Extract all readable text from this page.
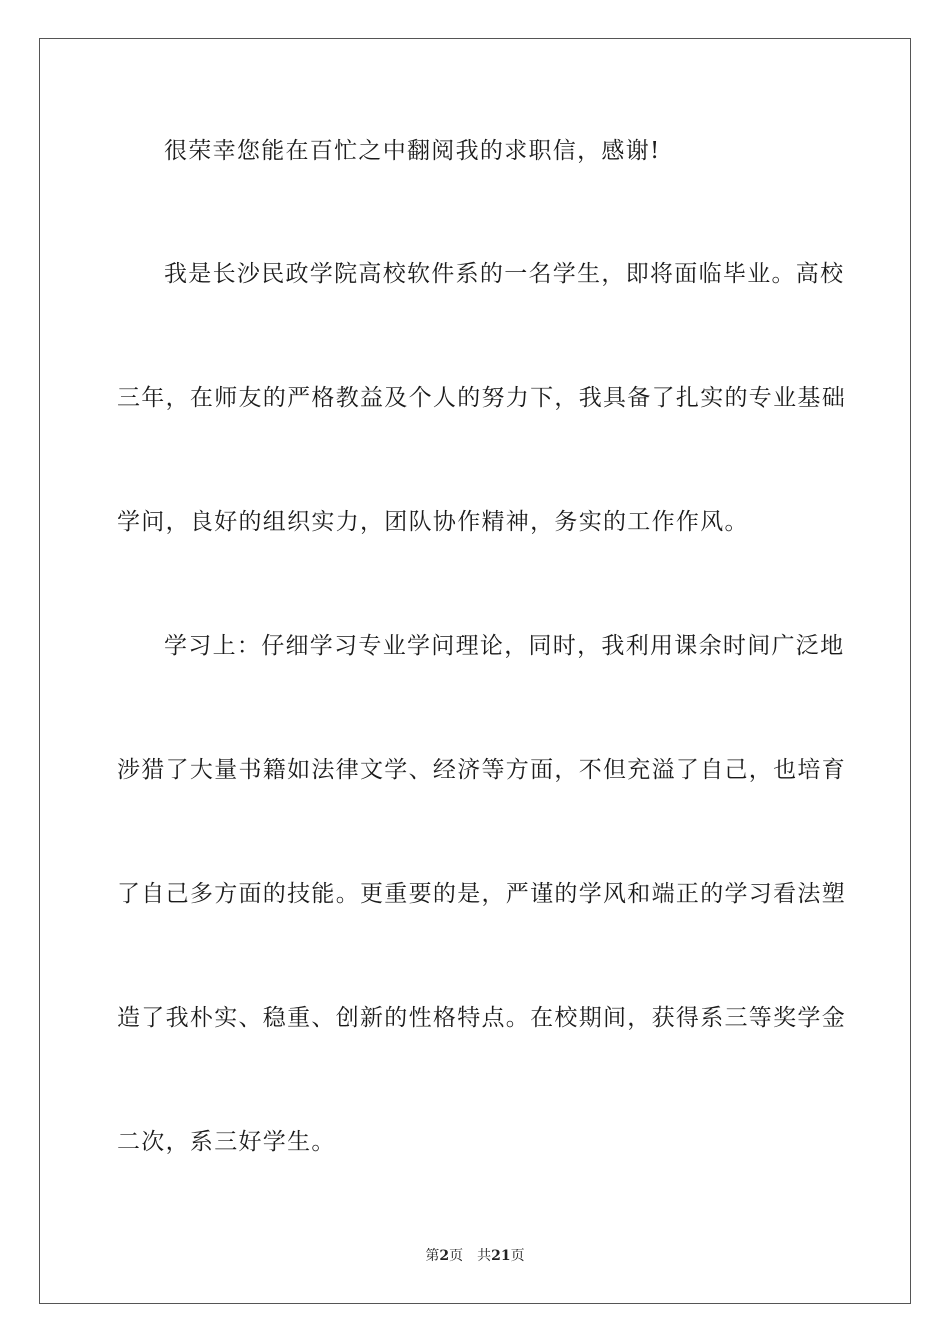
很荣幸您能在百忙之中翻阅我的求职信，感谢!
我是长沙民政学院高校软件系的一名学生，即将面临毕业。高校
三年，在师友的严格教益及个人的努力下，我具备了扎实的专业基础
学问，良好的组织实力，团队协作精神，务实的工作作风。
学习上：仔细学习专业学问理论，同时，我利用课余时间广泛地
涉猎了大量书籍如法律文学、经济等方面，不但充溢了自己，也培育
了自己多方面的技能。更重要的是，严谨的学风和端正的学习看法塑
造了我朴实、稳重、创新的性格特点。在校期间，获得系三等奖学金
二次，系三好学生。
第2页 共21页
